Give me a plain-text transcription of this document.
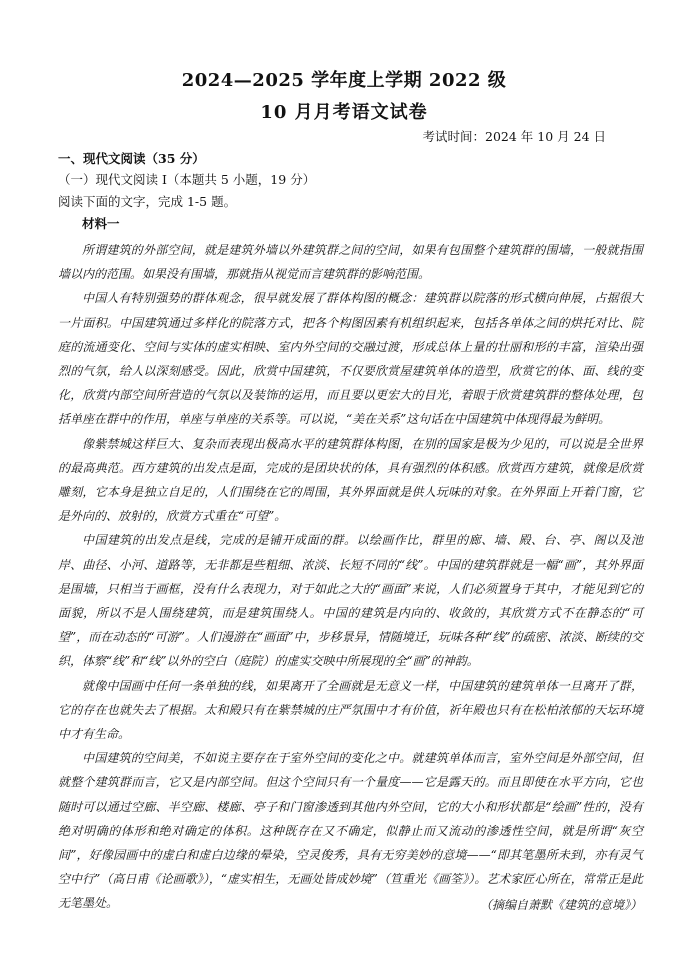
2024—2025 学年度上学期 2022 级
10 月月考语文试卷
考试时间：2024 年 10 月 24 日
一、现代文阅读（35 分）
（一）现代文阅读 I（本题共 5 小题，19 分）
阅读下面的文字，完成 1-5 题。
材料一

所谓建筑的外部空间，就是建筑外墙以外建筑群之间的空间，如果有包围整个建筑群的围墙，一般就指围墙以内的范围。如果没有围墙，那就指从视觉而言建筑群的影响范围。

中国人有特别强势的群体观念，很早就发展了群体构图的概念：建筑群以院落的形式横向伸展，占据很大一片面积。中国建筑通过多样化的院落方式，把各个构图因素有机组织起来，包括各单体之间的烘托对比、院庭的流通变化、空间与实体的虚实相映、室内外空间的交融过渡，形成总体上量的壮丽和形的丰富，渲染出强烈的气氛，给人以深刻感受。因此，欣赏中国建筑，不仅要欣赏屋建筑单体的造型，欣赏它的体、面、线的变化，欣赏内部空间所营造的气氛以及装饰的运用，而且要以更宏大的目光，着眼于欣赏建筑群的整体处理，包括单座在群中的作用，单座与单座的关系等。可以说，“美在关系”这句话在中国建筑中体现得最为鲜明。

像紫禁城这样巨大、复杂而表现出极高水平的建筑群体构图，在别的国家是极为少见的，可以说是全世界的最高典范。西方建筑的出发点是面，完成的是团块状的体，具有强烈的体积感。欣赏西方建筑，就像是欣赏雕刻，它本身是独立自足的，人们围绕在它的周围，其外界面就是供人玩味的对象。在外界面上开着门窗，它是外向的、放射的，欣赏方式重在“可望”。

中国建筑的出发点是线，完成的是铺开成面的群。以绘画作比，群里的廊、墙、殿、台、亭、阁以及池岸、曲径、小河、道路等，无非都是些粗细、浓淡、长短不同的“线”。中国的建筑群就是一幅“画”，其外界面是围墙，只相当于画框，没有什么表现力，对于如此之大的“画面”来说，人们必须置身于其中，才能见到它的面貌，所以不是人围绕建筑，而是建筑围绕人。中国的建筑是内向的、收敛的，其欣赏方式不在静态的“可望”，而在动态的“可游”。人们漫游在“画面”中，步移景异，情随境迁，玩味各种“线”的疏密、浓淡、断续的交织，体察“线”和“线”以外的空白（庭院）的虚实交映中所展现的全“画”的神韵。

就像中国画中任何一条单独的线，如果离开了全画就是无意义一样，中国建筑的建筑单体一旦离开了群，它的存在也就失去了根据。太和殿只有在紫禁城的庄严氛围中才有价值，祈年殿也只有在松柏浓郁的天坛环境中才有生命。

中国建筑的空间美，不如说主要存在于室外空间的变化之中。就建筑单体而言，室外空间是外部空间，但就整个建筑群而言，它又是内部空间。但这个空间只有一个量度——它是露天的。而且即使在水平方向，它也随时可以通过空廊、半空廊、楼廊、亭子和门窗渗透到其他内外空间，它的大小和形状都是“绘画”性的，没有绝对明确的体形和绝对确定的体积。这种既存在又不确定，似静止而又流动的渗透性空间，就是所谓“灰空间”，好像园画中的虚白和虚白边缘的晕染，空灵俊秀，具有无穷美妙的意境——“即其笔墨所未到，亦有灵气空中行”（高日甫《论画歌》），“虚实相生，无画处皆成妙境”（笪重光《画筌》）。艺术家匠心所在，常常正是此无笔墨处。	（摘编自萧默《建筑的意境》）
